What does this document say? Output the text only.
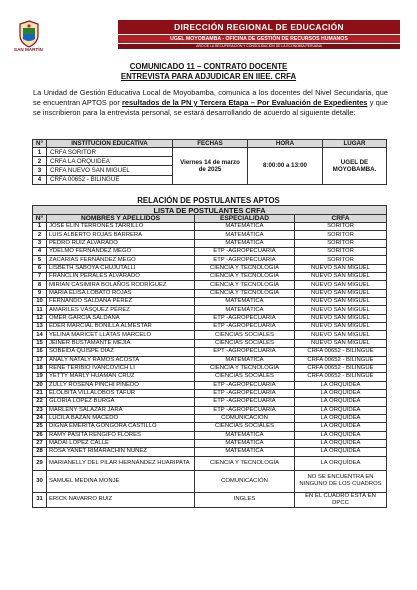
SAN MARTÍN
DIRECCIÓN REGIONAL DE EDUCACIÓN
UGEL MOYOBAMBA - OFICINA DE GESTIÓN DE RECURSOS HUMANOS
AÑO DE LA RECUPERACIÓN Y CONSOLIDACIÓN DE LA ECONOMÍA PERUANA
COMUNICADO 11 – CONTRATO DOCENTE
ENTREVISTA PARA ADJUDICAR EN IIEE. CRFA

La Unidad de Gestión Educativa Local de Moyobamba, comunica a los docentes del Nivel Secundaria, que se encuentran APTOS por resultados de la PN y Tercera Etapa – Por Evaluación de Expedientes y que se inscribieron para la entrevista personal, se estará desarrollando de acuerdo al siguiente detalle:

N°	INSTITUCIÓN EDUCATIVA	FECHAS	HORA	LUGAR
1	CRFA SORITOR	Viernes 14 de marzo de 2025	8:00:00 a 13:00	UGEL DE MOYOBAMBA.
2	CRFA LA ORQUIDEA			
3	CRFA NUEVO SAN MIGUEL			
4	CRFA 00652 - BILINGÜE			
RELACIÓN DE POSTULANTES APTOS
LISTA DE POSTULANTES CRFA			
N°	NOMBRES Y APELLIDOS	ESPECIALIDAD	CRFA
1	JOSÉ ELIN TERRONES TARRILLO	MATEMÁTICA	SORITOR
2	LUIS ALBERTO ROJAS BARRERA	MATEMÁTICA	SORITOR
3	PEDRO RUIZ ALVARADO	MATEMÁTICA	SORITOR
4	YDELMO FERNÁNDEZ MEGO	ETP -AGROPECUARIA	SORITOR
5	ZACARIAS FERNÁNDEZ MEGO	ETP -AGROPECUARIA	SORITOR
6	LISBETH SABOYA CHUJUTALLI	CIENCIA Y TECNOLOGÍA	NUEVO SAN MIGUEL
7	FRANCLIN PERALES ALVARADO	CIENCIA Y TECNOLOGÍA	NUEVO SAN MIGUEL
8	MIRIAN CASIMIRA BOLAÑOS RODRÍGUEZ	CIENCIA Y TECNOLOGÍA	NUEVO SAN MIGUEL
9	MARIA ELISA LOBATO ROJAS	CIENCIA Y TECNOLOGÍA	NUEVO SAN MIGUEL
10	FERNANDO SALDAÑA PÉREZ	MATEMÁTICA	NUEVO SAN MIGUEL
11	AMARILES VÁSQUEZ PÉREZ	MATEMÁTICA	NUEVO SAN MIGUEL
12	OMER GARCÍA SALDAÑA	ETP -AGROPECUARIA	NUEVO SAN MIGUEL
13	EDER MARCIAL BONILLA ALMESTAR	ETP -AGROPECUARIA	NUEVO SAN MIGUEL
14	YELINA MARICET LLATAS MARCELO	CIENCIAS SOCIALES	NUEVO SAN MIGUEL
15	JEINER BUSTAMANTE MEJÍA	CIENCIAS SOCIALES	NUEVO SAN MIGUEL
16	SOBEIDA QUISPE DÍAZ	EPT -AGROPECUARIA	CRFA 00652 - BILINGÜE
17	ANALY NATALY RAMOS ACOSTA	MATEMÁTICA	CRFA 00652 - BILINGÜE
18	RENE TERIBIO IVANCOVICH LI	CIENCIA Y TECNOLOGÍA	CRFA 00652 - BILINGÜE
19	YETTY MARLY HUAMÁN CRUZ	CIENCIAS SOCIALES	CRFA 00652 - BILINGÜE
20	ZULLY ROSENA PINCHI PINEDO	ETP -AGROPECUARIA	LA ORQUÍDEA
21	ELOLBITA VILLALOBOS TAFUR	ETP -AGROPECUARIA	LA ORQUÍDEA
22	GLORIA LÓPEZ BURGA	ETP -AGROPECUARIA	LA ORQUÍDEA
23	MARLENY SALAZAR JARA	ETP -AGROPECUARIA	LA ORQUÍDEA
24	LUCILA BAZAN MACEDO	COMUNICACIÓN	LA ORQUÍDEA
25	DIGNA EMERITA GÓNGORA CASTILLO	CIENCIAS SOCIALES	LA ORQUÍDEA
26	RAMY PASITA RENGIFO FLORES	MATEMÁTICA	LA ORQUÍDEA
27	MADAI LÓPEZ CALLE	MATEMÁTICA	LA ORQUÍDEA
28	ROSA YANET RIMARACHIN NÚÑEZ	MATEMÁTICA	LA ORQUÍDEA
29	MARIANELLY DEL PILAR HERNÁNDEZ HUARIPATA	CIENCIA Y TECNOLOGÍA	LA ORQUÍDEA
30	SAMUEL MEDINA MONJE	COMUNICACIÓN	NO SE ENCUENTRA EN NINGUNO DE LOS CUADROS
31	ERICK NAVARRO RUIZ	INGLES	EN EL CUADRO ESTÁ EN DPCC
